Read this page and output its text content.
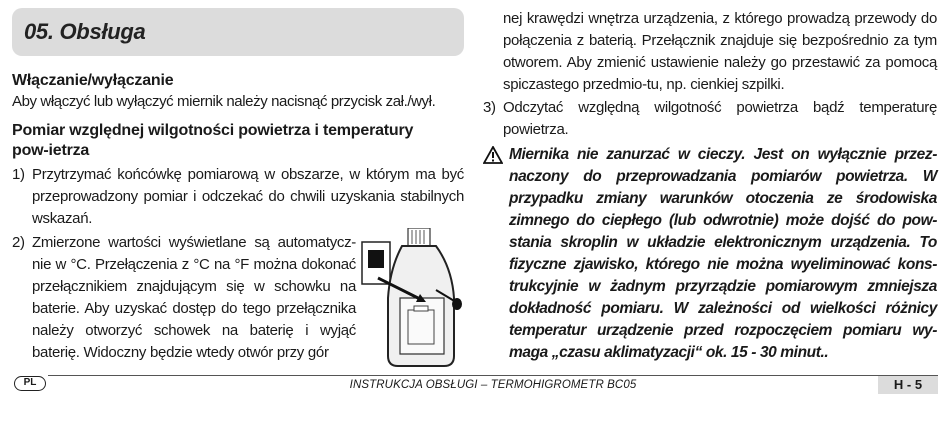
05. Obsługa
Włączanie/wyłączanie
Aby włączyć lub wyłączyć miernik należy nacisnąć przycisk zał./wył.
Pomiar względnej wilgotności powietrza i temperatury pow-ietrza
1) Przytrzymać końcówkę pomiarową w obszarze, w którym ma być przeprowadzony pomiar i odczekać do chwili uzyskania stabilnych wskazań.
2) Zmierzone wartości wyświetlane są automatycz-nie w °C. Przełączenia z °C na °F można dokonać przełącznikiem znajdującym się w schowku na baterie. Aby uzyskać dostęp do tego przełącznika należy otworzyć schowek na baterię i wyjąć baterię. Widoczny będzie wtedy otwór przy gór
nej krawędzi wnętrza urządzenia, z którego prowadzą przewody do połączenia z baterią. Przełącznik znajduje się bezpośrednio za tym otworem. Aby zmienić ustawienie należy go przestawić za pomocą spiczastego przedmio-tu, np. cienkiej szpilki.
3) Odczytać względną wilgotność powietrza bądź temperaturę powietrza.
Miernika nie zanurzać w cieczy. Jest on wyłącznie przez-naczony do przeprowadzania pomiarów powietrza. W przypadku zmiany warunków otoczenia ze środowiska zimnego do ciepłego (lub odwrotnie) może dojść do pow-stania skroplin w układzie elektronicznym urządzenia. To fizyczne zjawisko, którego nie można wyeliminować kons-trukcyjnie w żadnym przyrządzie pomiarowym zmniejsza dokładność pomiaru. W zależności od wielkości różnicy temperatur urządzenie przed rozpoczęciem pomiaru wy-maga „czasu aklimatyzacji“ ok. 15 - 30 minut..
PL	INSTRUKCJA OBSŁUGI – TERMOHIGROMETR BC05	H - 5
